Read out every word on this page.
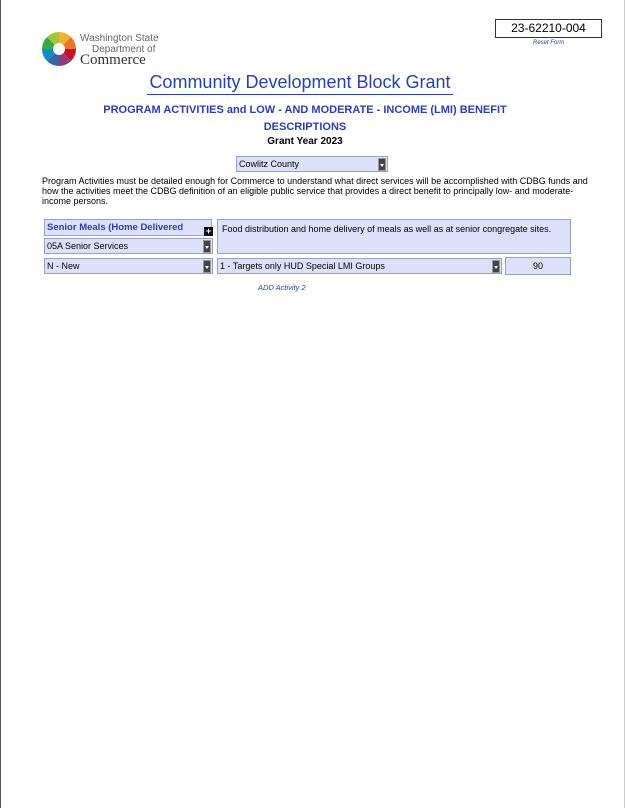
23-62210-004
Reset Form
Washington State
Department of
Commerce
Community Development Block Grant
PROGRAM ACTIVITIES and LOW - AND MODERATE - INCOME (LMI) BENEFIT
DESCRIPTIONS
Grant Year 2023
Cowlitz County
Program Activities must be detailed enough for Commerce to understand what direct services will be accomplished with CDBG funds and how the activities meet the CDBG definition of an eligible public service that provides a direct benefit to principally low- and moderate-income persons.
Senior Meals (Home Delivered	+
05A Senior Services
Food distribution and home delivery of meals as well as at senior congregate sites.
N - New	1 - Targets only HUD Special LMI Groups	90
ADD Activity 2
